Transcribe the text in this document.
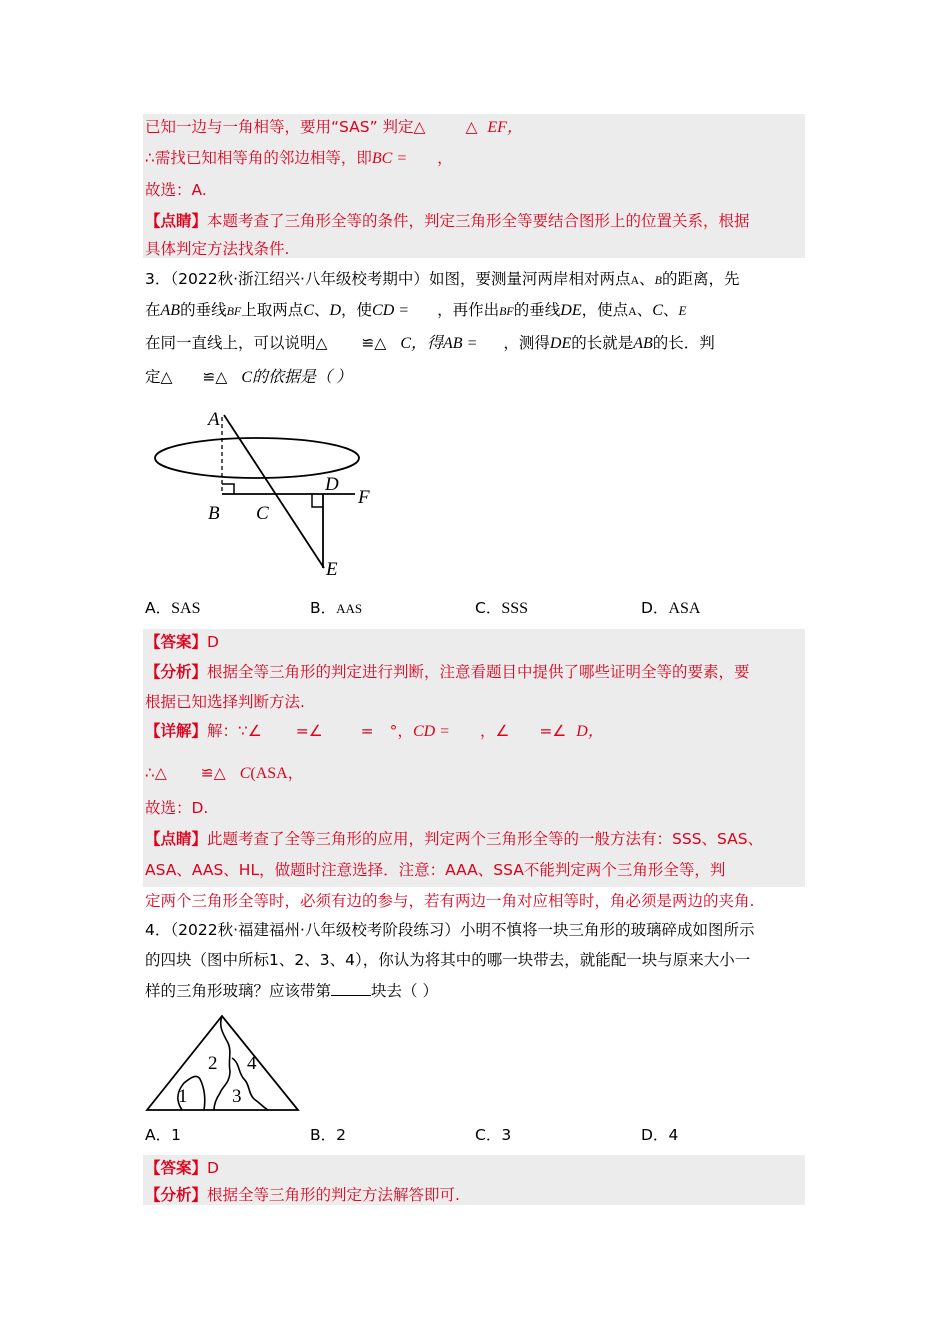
已知一边与一角相等，要用“SAS” 判定△	△ EF，
∴需找已知相等角的邻边相等，即BC = ，
故选：A.
【点睛】本题考查了三角形全等的条件，判定三角形全等要结合图形上的位置关系，根据
具体判定方法找条件.
3．（2022秋·浙江绍兴·八年级校考期中）如图，要测量河两岸相对两点A、B的距离，先
在AB的垂线BF上取两点C、D，使CD = ，再作出BF的垂线DE，使点A、C、E
在同一直线上，可以说明△ ≌△ C，得AB = ，测得DE的长就是AB的长．判
定△ ≌△ C的依据是（ ）
A
B C
D
F
E
A．SAS	B．AAS	C．SSS	D．ASA
【答案】D
【分析】根据全等三角形的判定进行判断，注意看题目中提供了哪些证明全等的要素，要
根据已知选择判断方法.
【详解】解：∵∠ =∠ = °，CD = ，∠ =∠ D，
∴△ ≌△ C(ASA，
故选：D.
【点睛】此题考查了全等三角形的应用，判定两个三角形全等的一般方法有：SSS、SAS、
ASA、AAS、HL，做题时注意选择．注意：AAA、SSA不能判定两个三角形全等，判
定两个三角形全等时，必须有边的参与，若有两边一角对应相等时，角必须是两边的夹角.
4．（2022秋·福建福州·八年级校考阶段练习）小明不慎将一块三角形的玻璃碎成如图所示
的四块（图中所标1、2、3、4），你认为将其中的哪一块带去，就能配一块与原来大小一
样的三角形玻璃？应该带第	块去（ ）
1
2
3
4
A．1	B．2	C．3	D．4
【答案】D
【分析】根据全等三角形的判定方法解答即可.
